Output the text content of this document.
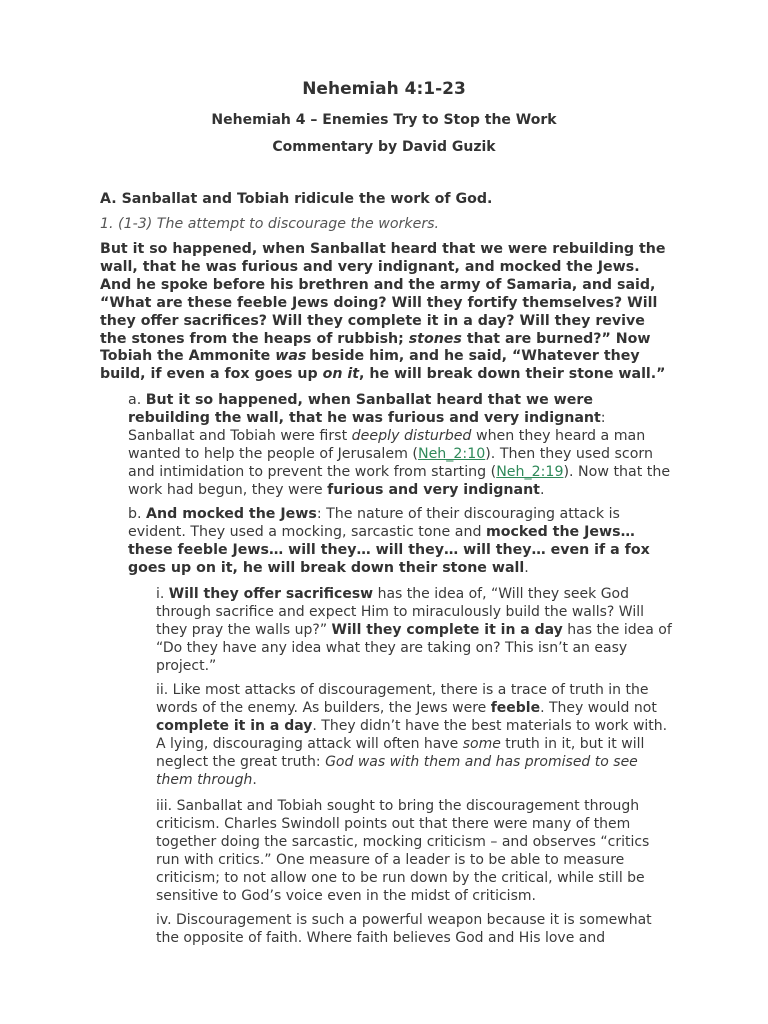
Nehemiah 4:1-23
Nehemiah 4 – Enemies Try to Stop the Work
Commentary by David Guzik
A. Sanballat and Tobiah ridicule the work of God.
1. (1-3) The attempt to discourage the workers.
But it so happened, when Sanballat heard that we were rebuilding the wall, that he was furious and very indignant, and mocked the Jews. And he spoke before his brethren and the army of Samaria, and said, “What are these feeble Jews doing? Will they fortify themselves? Will they offer sacrifices? Will they complete it in a day? Will they revive the stones from the heaps of rubbish; stones that are burned?” Now Tobiah the Ammonite was beside him, and he said, “Whatever they build, if even a fox goes up on it, he will break down their stone wall.”
a. But it so happened, when Sanballat heard that we were rebuilding the wall, that he was furious and very indignant: Sanballat and Tobiah were first deeply disturbed when they heard a man wanted to help the people of Jerusalem (Neh_2:10). Then they used scorn and intimidation to prevent the work from starting (Neh_2:19). Now that the work had begun, they were furious and very indignant.
b. And mocked the Jews: The nature of their discouraging attack is evident. They used a mocking, sarcastic tone and mocked the Jews… these feeble Jews… will they… will they… will they… even if a fox goes up on it, he will break down their stone wall.
i. Will they offer sacrificesw has the idea of, “Will they seek God through sacrifice and expect Him to miraculously build the walls? Will they pray the walls up?” Will they complete it in a day has the idea of “Do they have any idea what they are taking on? This isn’t an easy project.”
ii. Like most attacks of discouragement, there is a trace of truth in the words of the enemy. As builders, the Jews were feeble. They would not complete it in a day. They didn’t have the best materials to work with. A lying, discouraging attack will often have some truth in it, but it will neglect the great truth: God was with them and has promised to see them through.
iii. Sanballat and Tobiah sought to bring the discouragement through criticism. Charles Swindoll points out that there were many of them together doing the sarcastic, mocking criticism – and observes “critics run with critics.” One measure of a leader is to be able to measure criticism; to not allow one to be run down by the critical, while still be sensitive to God’s voice even in the midst of criticism.
iv. Discouragement is such a powerful weapon because it is somewhat the opposite of faith. Where faith believes God and His love and
